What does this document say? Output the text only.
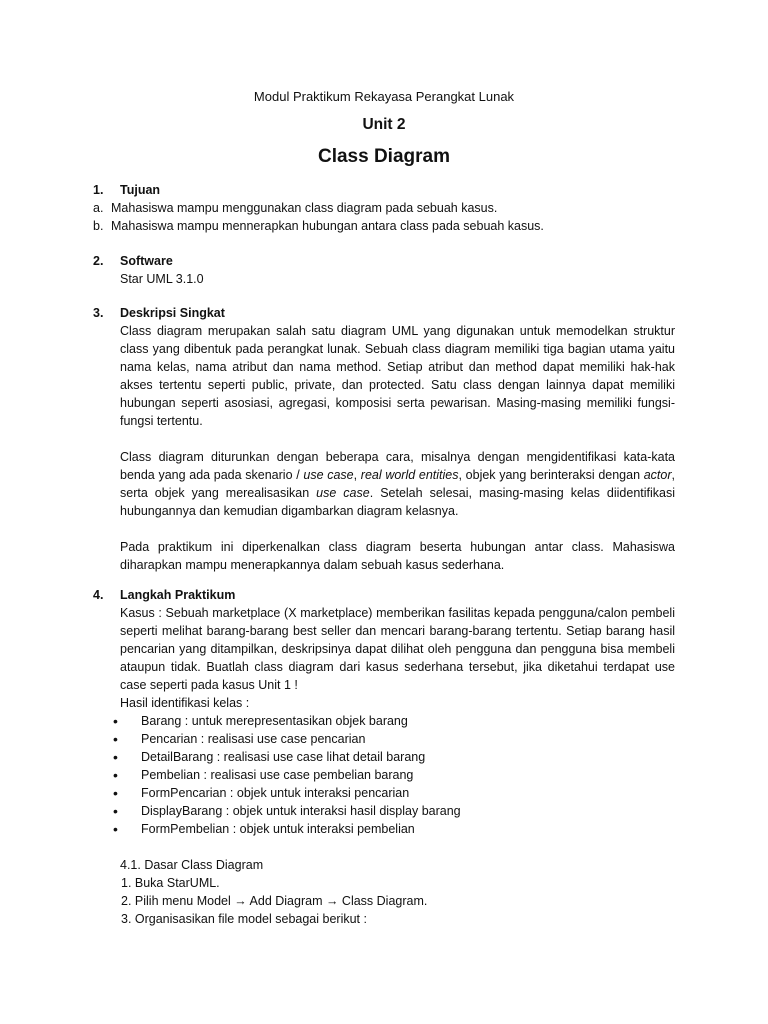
Modul Praktikum Rekayasa Perangkat Lunak
Unit 2
Class Diagram
1. Tujuan
a. Mahasiswa mampu menggunakan class diagram pada sebuah kasus.
b. Mahasiswa mampu mennerapkan hubungan antara class pada sebuah kasus.
2. Software
Star UML 3.1.0
3. Deskripsi Singkat
Class diagram merupakan salah satu diagram UML yang digunakan untuk memodelkan struktur class yang dibentuk pada perangkat lunak. Sebuah class diagram memiliki tiga bagian utama yaitu nama kelas, nama atribut dan nama method. Setiap atribut dan method dapat memiliki hak-hak akses tertentu seperti public, private, dan protected. Satu class dengan lainnya dapat memiliki hubungan seperti asosiasi, agregasi, komposisi serta pewarisan. Masing-masing memiliki fungsi-fungsi tertentu.
Class diagram diturunkan dengan beberapa cara, misalnya dengan mengidentifikasi kata-kata benda yang ada pada skenario / use case, real world entities, objek yang berinteraksi dengan actor, serta objek yang merealisasikan use case. Setelah selesai, masing-masing kelas diidentifikasi hubungannya dan kemudian digambarkan diagram kelasnya.
Pada praktikum ini diperkenalkan class diagram beserta hubungan antar class. Mahasiswa diharapkan mampu menerapkannya dalam sebuah kasus sederhana.
4. Langkah Praktikum
Kasus : Sebuah marketplace (X marketplace) memberikan fasilitas kepada pengguna/calon pembeli seperti melihat barang-barang best seller dan mencari barang-barang tertentu. Setiap barang hasil pencarian yang ditampilkan, deskripsinya dapat dilihat oleh pengguna dan pengguna bisa membeli ataupun tidak. Buatlah class diagram dari kasus sederhana tersebut, jika diketahui terdapat use case seperti pada kasus Unit 1 !
Hasil identifikasi kelas :
• Barang : untuk merepresentasikan objek barang
• Pencarian : realisasi use case pencarian
• DetailBarang : realisasi use case lihat detail barang
• Pembelian : realisasi use case pembelian barang
• FormPencarian : objek untuk interaksi pencarian
• DisplayBarang : objek untuk interaksi hasil display barang
• FormPembelian : objek untuk interaksi pembelian
4.1. Dasar Class Diagram
1. Buka StarUML.
2. Pilih menu Model → Add Diagram → Class Diagram.
3. Organisasikan file model sebagai berikut :
